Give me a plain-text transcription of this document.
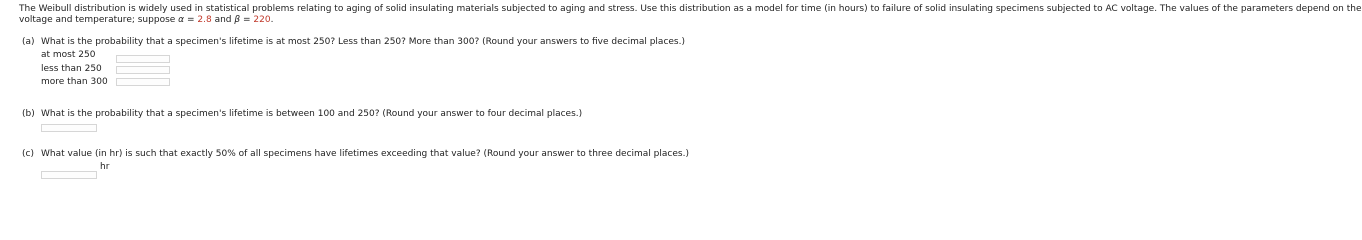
The Weibull distribution is widely used in statistical problems relating to aging of solid insulating materials subjected to aging and stress. Use this distribution as a model for time (in hours) to failure of solid insulating specimens subjected to AC voltage. The values of the parameters depend on the
voltage and temperature; suppose α = 2.8 and β = 220.
(a) What is the probability that a specimen's lifetime is at most 250? Less than 250? More than 300? (Round your answers to five decimal places.)
at most 250
less than 250
more than 300
(b) What is the probability that a specimen's lifetime is between 100 and 250? (Round your answer to four decimal places.)
(c) What value (in hr) is such that exactly 50% of all specimens have lifetimes exceeding that value? (Round your answer to three decimal places.)
hr
